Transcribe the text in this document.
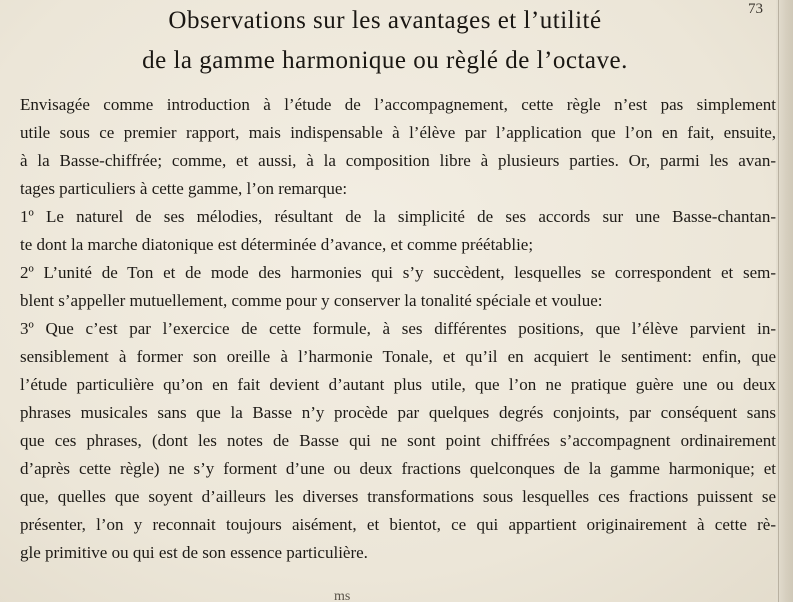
73
Observations sur les avantages et l’utilité
de la gamme harmonique ou règlé de l’octave.
Envisagée comme introduction à l’étude de l’accompagnement, cette règle n’est pas simplement
utile sous ce premier rapport, mais indispensable à l’élève par l’application que l’on en fait, ensuite,
à la Basse-chiffrée; comme, et aussi, à la composition libre à plusieurs parties. Or, parmi les avan-
tages particuliers à cette gamme, l’on remarque:
1º Le naturel de ses mélodies, résultant de la simplicité de ses accords sur une Basse-chantan-
te dont la marche diatonique est déterminée d’avance, et comme préétablie;
2º L’unité de Ton et de mode des harmonies qui s’y succèdent, lesquelles se correspondent et sem-
blent s’appeller mutuellement, comme pour y conserver la tonalité spéciale et voulue:
3º Que c’est par l’exercice de cette formule, à ses différentes positions, que l’élève parvient in-
sensiblement à former son oreille à l’harmonie Tonale, et qu’il en acquiert le sentiment: enfin, que
l’étude particulière qu’on en fait devient d’autant plus utile, que l’on ne pratique guère une ou deux
phrases musicales sans que la Basse n’y procède par quelques degrés conjoints, par conséquent sans
que ces phrases, (dont les notes de Basse qui ne sont point chiffrées s’accompagnent ordinairement
d’après cette règle) ne s’y forment d’une ou deux fractions quelconques de la gamme harmonique; et
que, quelles que soyent d’ailleurs les diverses transformations sous lesquelles ces fractions puissent se
présenter, l’on y reconnait toujours aisément, et bientot, ce qui appartient originairement à cette rè-
gle primitive ou qui est de son essence particulière.
ms
